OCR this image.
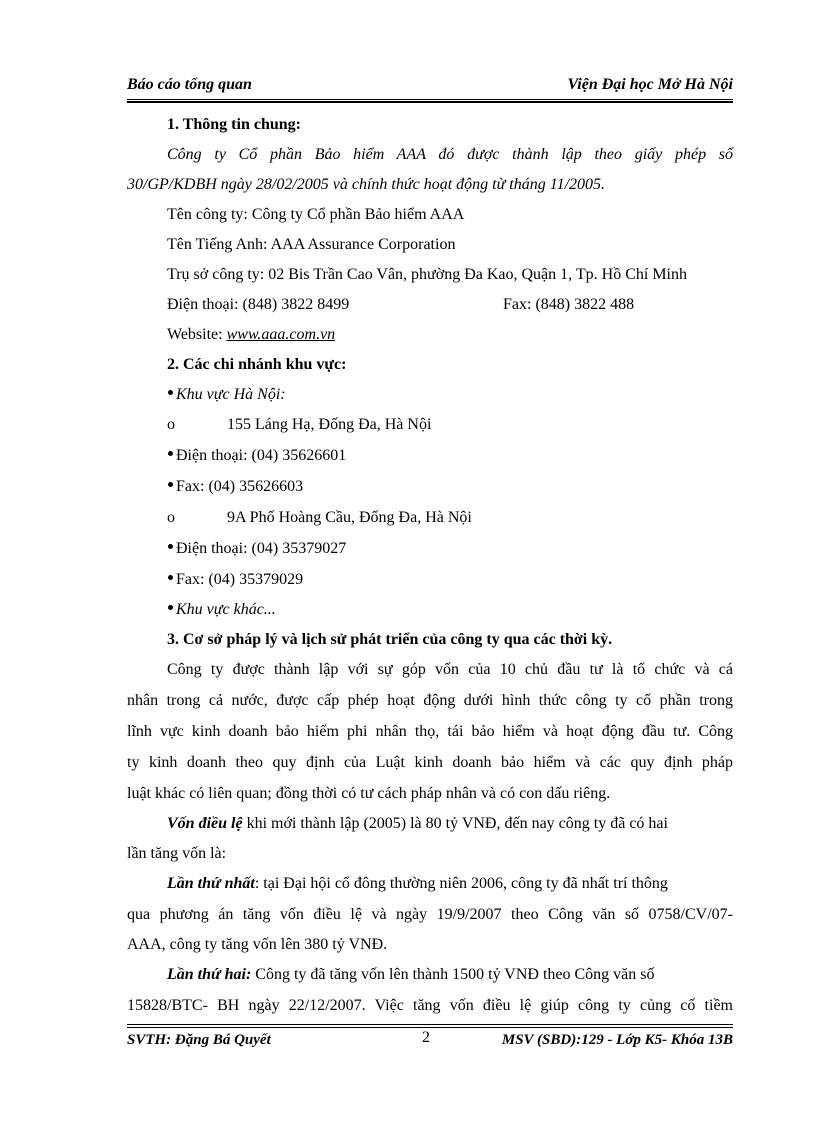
Báo cáo tổng quan	Viện Đại học Mở Hà Nội
1. Thông tin chung:
Công ty Cổ phần Bảo hiểm AAA đó được thành lập theo giấy phép số
30/GP/KDBH ngày 28/02/2005 và chính thức hoạt động từ tháng 11/2005.
Tên công ty: Công ty Cổ phần Bảo hiểm AAA
Tên Tiếng Anh: AAA Assurance Corporation
Trụ sở công ty: 02 Bis Trần Cao Vân, phường Đa Kao, Quận 1, Tp. Hồ Chí Minh
Điện thoại: (848) 3822 8499	Fax: (848) 3822 488
Website: www.aaa.com.vn
2. Các chi nhánh khu vực:
Khu vực Hà Nội:
o	155 Láng Hạ, Đống Đa, Hà Nội
Điện thoại: (04) 35626601
Fax: (04) 35626603
o	9A Phố Hoàng Cầu, Đống Đa, Hà Nội
Điện thoại: (04) 35379027
Fax: (04) 35379029
Khu vực khác...
3. Cơ sở pháp lý và lịch sử phát triển của công ty qua các thời kỳ.
Công ty được thành lập với sự góp vốn của 10 chủ đầu tư là tổ chức và cá
nhân trong cả nước, được cấp phép hoạt động dưới hình thức công ty cổ phần trong
lĩnh vực kinh doanh bảo hiểm phi nhân thọ, tái bảo hiểm và hoạt động đầu tư. Công
ty kinh doanh theo quy định của Luật kinh doanh bảo hiểm và các quy định pháp
luật khác có liên quan; đồng thời có tư cách pháp nhân và có con dấu riêng.
Vốn điều lệ khi mới thành lập (2005) là 80 tỷ VNĐ, đến nay công ty đã có hai
lần tăng vốn là:
Lần thứ nhất: tại Đại hội cổ đông thường niên 2006, công ty đã nhất trí thông
qua phương án tăng vốn điều lệ và ngày 19/9/2007 theo Công văn số 0758/CV/07-
AAA, công ty tăng vốn lên 380 tỷ VNĐ.
Lần thứ hai: Công ty đã tăng vốn lên thành 1500 tỷ VNĐ theo Công văn số
15828/BTC- BH ngày 22/12/2007. Việc tăng vốn điều lệ giúp công ty củng cố tiềm
SVTH: Đặng Bá Quyết	2	MSV (SBD):129 - Lớp K5- Khóa 13B
